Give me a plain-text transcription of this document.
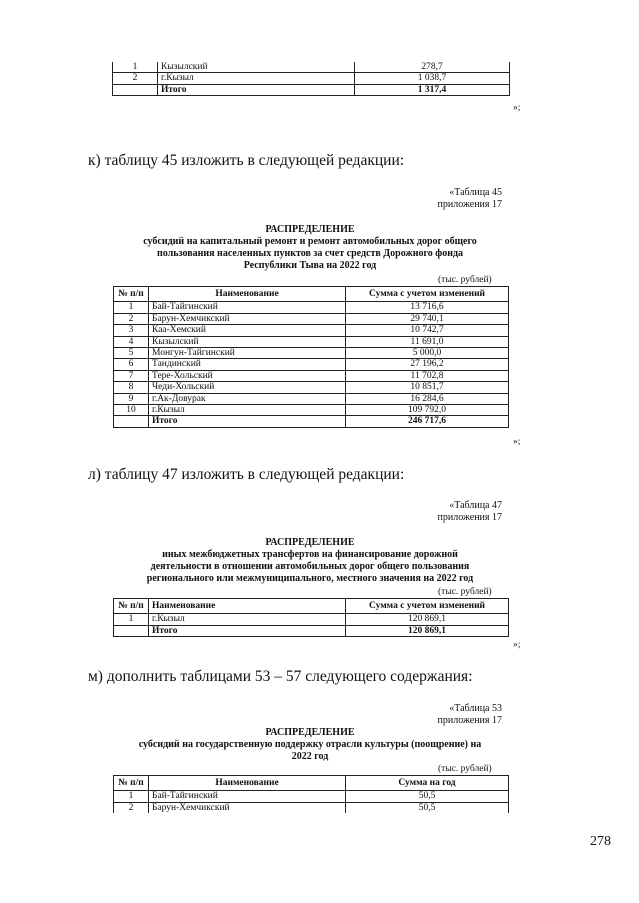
1	Кызылский	278,7
2	г.Кызыл	1 038,7
	Итого	1 317,4
»;
к) таблицу 45 изложить в следующей редакции:
«Таблица 45
приложения 17
РАСПРЕДЕЛЕНИЕ
субсидий на капитальный ремонт и ремонт автомобильных дорог общего
пользования населенных пунктов за счет средств Дорожного фонда
Республики Тыва на 2022 год
(тыс. рублей)
№ п/п	Наименование	Сумма с учетом изменений
1	Бай-Тайгинский	13 716,6
2	Барун-Хемчикский	29 740,1
3	Каа-Хемский	10 742,7
4	Кызылский	11 691,0
5	Монгун-Тайгинский	5 000,0
6	Тандинский	27 196,2
7	Тере-Хольский	11 702,8
8	Чеди-Хольский	10 851,7
9	г.Ак-Довурак	16 284,6
10	г.Кызыл	109 792,0
	Итого	246 717,6
»;
л) таблицу 47 изложить в следующей редакции:
«Таблица 47
приложения 17
РАСПРЕДЕЛЕНИЕ
иных межбюджетных трансфертов на финансирование дорожной
деятельности в отношении автомобильных дорог общего пользования
регионального или межмуниципального, местного значения на 2022 год
(тыс. рублей)
№ п/п	Наименование	Сумма с учетом изменений
1	г.Кызыл	120 869,1
	Итого	120 869,1
»;
м) дополнить таблицами 53 – 57 следующего содержания:
«Таблица 53
приложения 17
РАСПРЕДЕЛЕНИЕ
субсидий на государственную поддержку отрасли культуры (поощрение) на
2022 год
(тыс. рублей)
№ п/п	Наименование	Сумма на год
1	Бай-Тайгинский	50,5
2	Барун-Хемчикский	50,5
278
